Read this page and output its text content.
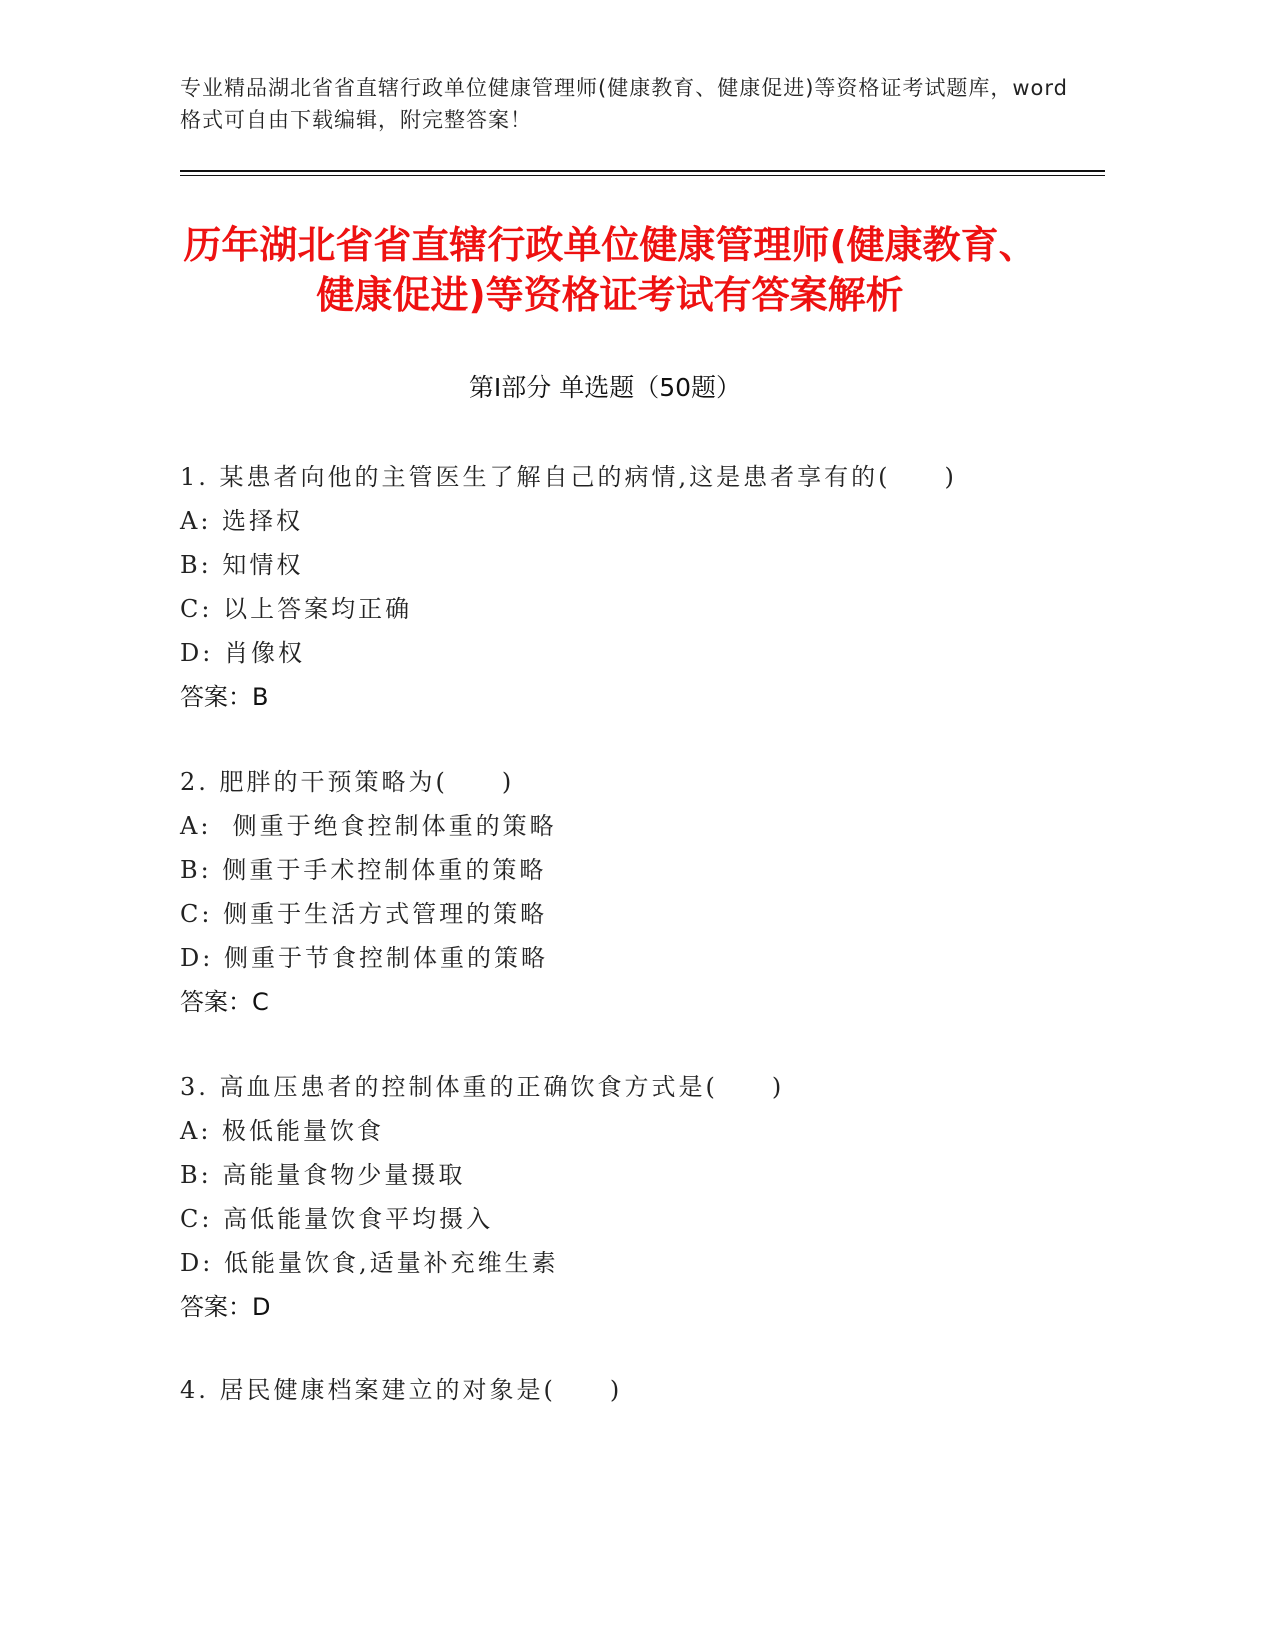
专业精品湖北省省直辖行政单位健康管理师(健康教育、健康促进)等资格证考试题库，word格式可自由下载编辑，附完整答案！
历年湖北省省直辖行政单位健康管理师(健康教育、健康促进)等资格证考试有答案解析
第Ⅰ部分 单选题（50题）
1. 某患者向他的主管医生了解自己的病情,这是患者享有的(　　)
A: 选择权
B: 知情权
C: 以上答案均正确
D: 肖像权
答案：B
2. 肥胖的干预策略为(　　)
A:  侧重于绝食控制体重的策略
B: 侧重于手术控制体重的策略
C: 侧重于生活方式管理的策略
D: 侧重于节食控制体重的策略
答案：C
3. 高血压患者的控制体重的正确饮食方式是(　　)
A: 极低能量饮食
B: 高能量食物少量摄取
C: 高低能量饮食平均摄入
D: 低能量饮食,适量补充维生素
答案：D
4. 居民健康档案建立的对象是(　　)
